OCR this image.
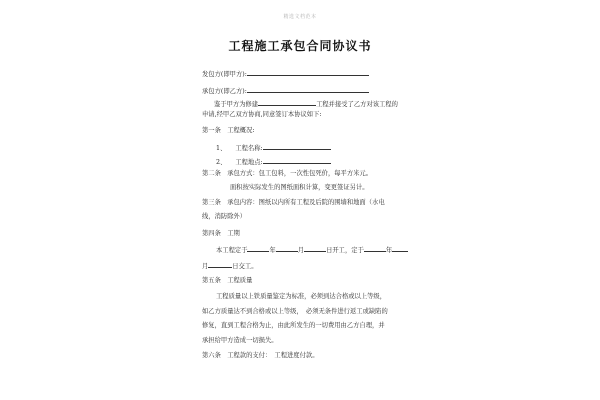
精选文档范本
工程施工承包合同协议书
发包方(即甲方):
承包方(即乙方):
鉴于甲方为修建	工程并接受了乙方对该工程的
申请,经甲乙双方协商,同意签订本协议如下:
第一条　工程概况:
1、 工程名称:
2、 工程地点:
第二条　承包方式：包工包料，一次性包死价，每平方米元。
面积按实际发生的图纸面积计算，变更签证另计。
第三条　承包内容：图纸以内所有工程及后院的围墙和地面（水电
线，消防除外）
第四条　工期
本工程定于	年	月	日开工，定于	年
月	日交工。
第五条　工程质量
工程质量以上铁质量鉴定为标准，必须到达合格或以上等级，
如乙方质量达不到合格或以上等级，　必须无条件进行返工或缺陷的
修复，直到工程合格为止，由此所发生的一切费用由乙方自理，并
承担给甲方造成一切损失。
第六条　工程款的支付：　工程进度付款。
